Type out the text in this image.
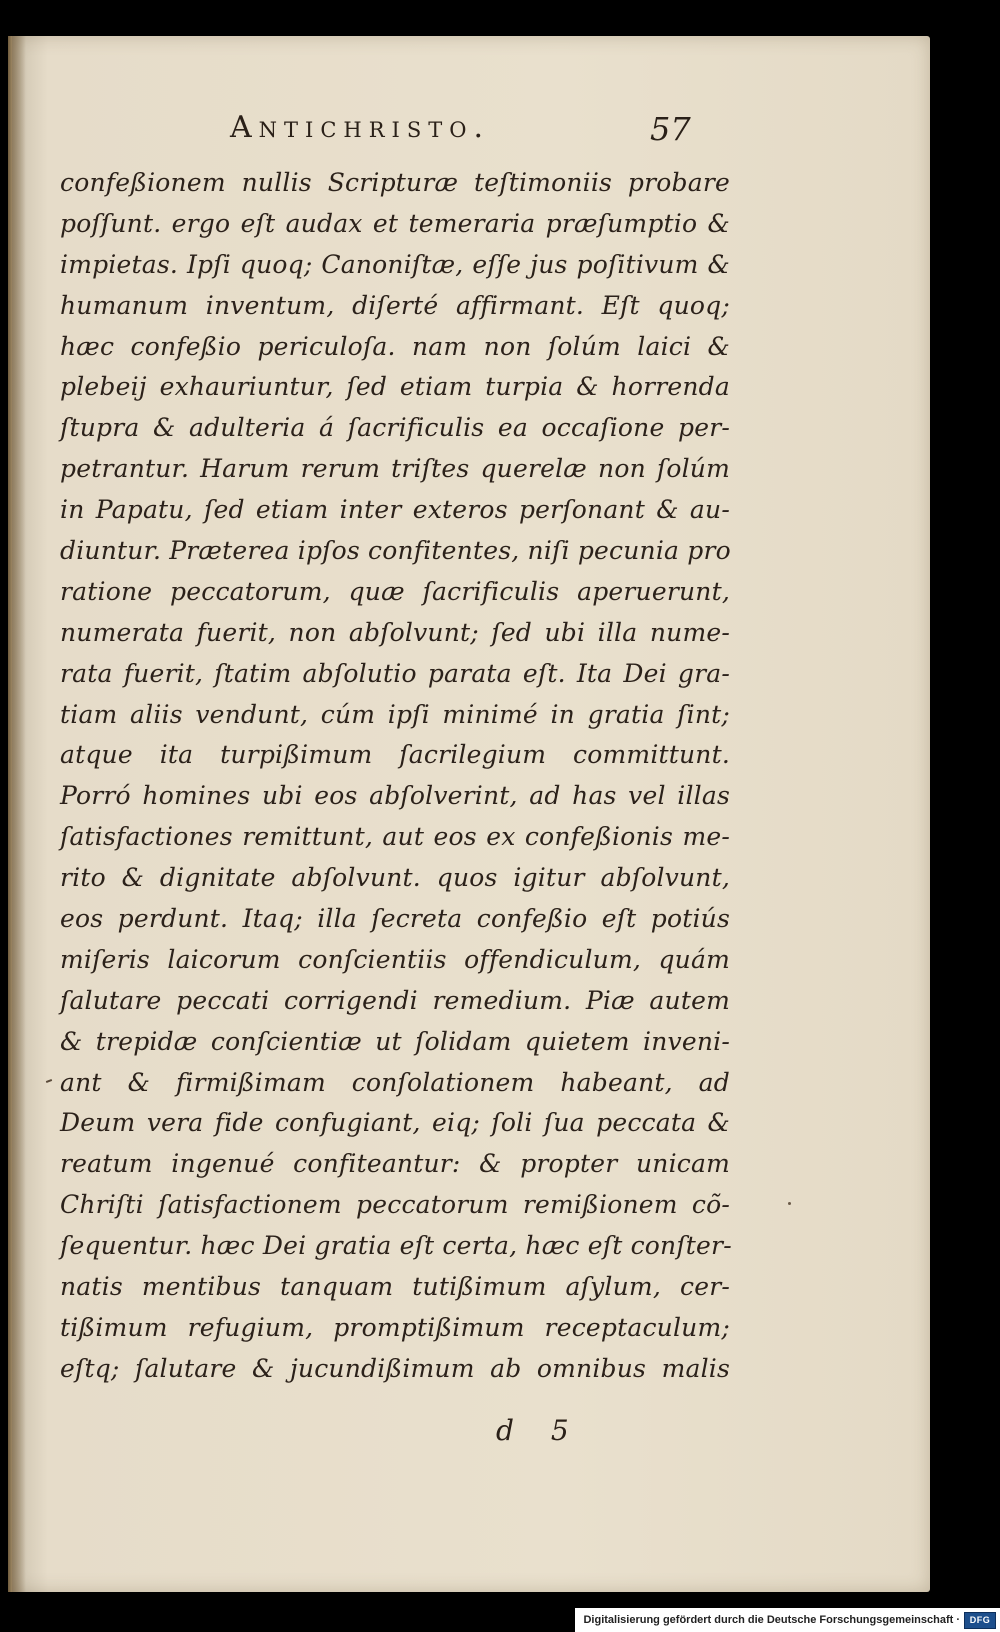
Antichristo.	57
confeßionem nullis Scripturæ teſtimoniis probare
poſſunt. ergo eſt audax et temeraria præſumptio &
impietas. Ipſi quoq; Canoniſtæ, eſſe jus poſitivum &
humanum inventum, diſerté affirmant. Eſt quoq;
hæc confeßio periculoſa. nam non ſolúm laici &
plebeij exhauriuntur, ſed etiam turpia & horrenda
ſtupra & adulteria á ſacrificulis ea occaſione per-
petrantur. Harum rerum triſtes querelæ non ſolúm
in Papatu, ſed etiam inter exteros perſonant & au-
diuntur. Præterea ipſos confitentes, niſi pecunia pro
ratione peccatorum, quæ ſacrificulis aperuerunt,
numerata fuerit, non abſolvunt; ſed ubi illa nume-
rata fuerit, ſtatim abſolutio parata eſt. Ita Dei gra-
tiam aliis vendunt, cúm ipſi minimé in gratia ſint;
atque ita turpißimum ſacrilegium committunt.
Porró homines ubi eos abſolverint, ad has vel illas
ſatisfactiones remittunt, aut eos ex confeßionis me-
rito & dignitate abſolvunt. quos igitur abſolvunt,
eos perdunt. Itaq; illa ſecreta confeßio eſt potiús
miſeris laicorum conſcientiis offendiculum, quám
ſalutare peccati corrigendi remedium. Piæ autem
& trepidæ conſcientiæ ut ſolidam quietem inveni-
ant & firmißimam conſolationem habeant, ad
Deum vera fide confugiant, eiq; ſoli ſua peccata &
reatum ingenué confiteantur: & propter unicam
Chriſti ſatisfactionem peccatorum remißionem cõ-
ſequentur. hæc Dei gratia eſt certa, hæc eſt conſter-
natis mentibus tanquam tutißimum aſylum, cer-
tißimum refugium, promptißimum receptaculum;
eſtq; ſalutare & jucundißimum ab omnibus malis
d 5
Digitalisierung gefördert durch die Deutsche Forschungsgemeinschaft ·	DFG
